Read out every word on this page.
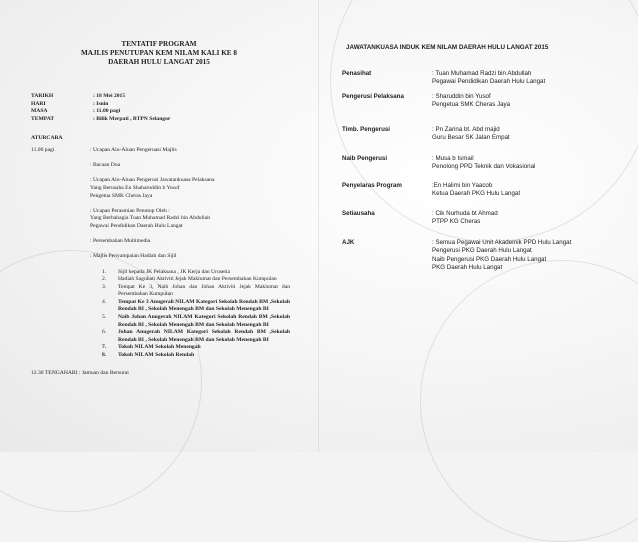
TENTATIF PROGRAM
MAJLIS PENUTUPAN KEM NILAM KALI KE 8
DAERAH HULU LANGAT 2015
TARIKH	: 18 Mei 2015
HARI	: Isnin
MASA	: 11.00 pagi
TEMPAT	: Bilik Merpati , BTPN Selangor
ATURCARA
11.00 pagi	: Ucapan Alu-Aluan Pengeruasi Majlis
: Bacaan Doa
: Ucapan Alu-Aluan Pengerusi Jawatankuasa Pelaksana
Yang Berusaha En Shaharuddin b Yusof
Pengetua SMK Cheras Jaya
: Ucapan Perasmian Penutup Oleh :
Yang Berbahagia Tuan Muhamad Radzi bin Abdullah
Pegawai Pendidikan Daerah Hulu Langat
: Persembahan Multimedia
: Majlis Penyampaian Hadiah dan Sijil
1.	Sijil kepada JK Pelaksana , JK Kerja dan Urusetia
2.	Hadiah Saguhati Aktiviti Jejak Maklumat dan Persembahan Kumpulan
3.	Tempat Ke 3, Naib Johan dan Johan Aktiviti Jejak Maklumat dan Persembahan Kumpulan
4.	Tempat Ke 3 Anugerah NILAM Kategori Sekolah Rendah BM ,Sekolah Rendah BI , Sekolah Menengah BM dan Sekolah Menengah BI
5.	Naib Johan Anugerah NILAM Kategori Sekolah Rendah BM ,Sekolah Rendah BI , Sekolah Menengah BM dan Sekolah Menengah BI
6.	Johan Anugerah NILAM Kategori Sekolah Rendah BM ,Sekolah Rendah BI , Sekolah Menengah BM dan Sekolah Menengah BI
7.	Tokoh NILAM Sekolah Menengah
8.	Tokoh NILAM Sekolah Rendah
12.30 TENGAHARI : Jamuan dan Bersurai
JAWATANKUASA INDUK KEM NILAM DAERAH HULU LANGAT 2015
Penasihat	: Tuan Muhamad Radzi bin Abdullah
Pegawai Pendidikan Daerah Hulu Langat
Pengerusi Pelaksana	: Sharuddin bin Yusof
Pengetua SMK Cheras Jaya
Timb. Pengerusi	: Pn Zarina bt. Abd majid
Guru Besar SK Jalan Empat
Naib Pengerusi	: Musa b Ismail
Penolong PPD Teknik dan Vokasional
Penyelaras Program	:En Halimi bin Yaacob
Ketua Daerah PKG Hulu Langat
Setiausaha	: Cik Nurhuda bt Ahmad
PTPP KG Cheras
AJK	: Semua Pegawai Unit Akademik PPD Hulu Langat
Pengerusi PKG Daerah Hulu Langat
Naib Pengerusi PKG Daerah Hulu Langat
PKG Daerah Hulu Langat
